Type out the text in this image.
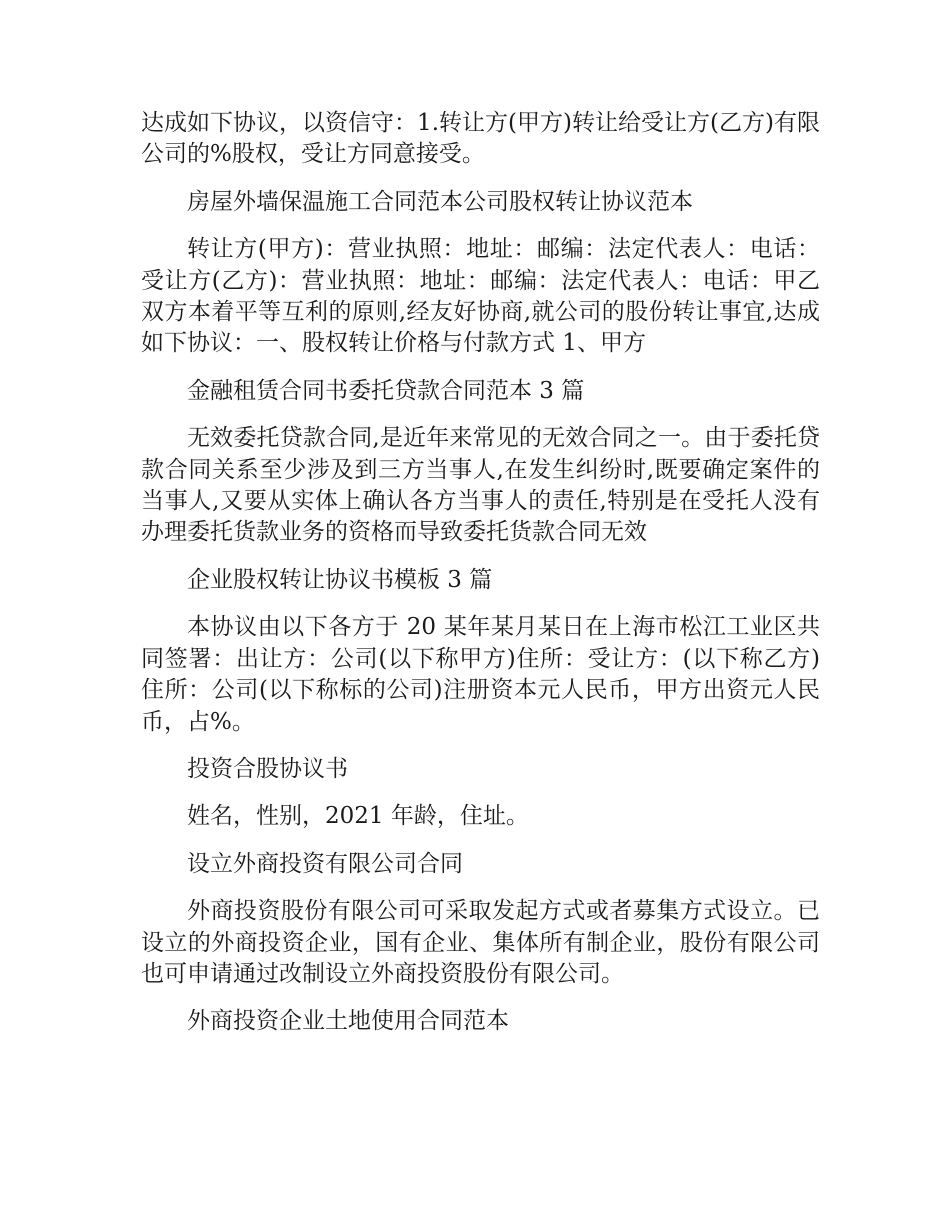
达成如下协议，以资信守：1.转让方(甲方)转让给受让方(乙方)有限公司的%股权，受让方同意接受。

房屋外墙保温施工合同范本公司股权转让协议范本

转让方(甲方)：营业执照：地址：邮编：法定代表人：电话：受让方(乙方)：营业执照：地址：邮编：法定代表人：电话：甲乙双方本着平等互利的原则,经友好协商,就公司的股份转让事宜,达成如下协议：一、股权转让价格与付款方式 1、甲方

金融租赁合同书委托贷款合同范本 3 篇

无效委托贷款合同,是近年来常见的无效合同之一。由于委托贷款合同关系至少涉及到三方当事人,在发生纠纷时,既要确定案件的当事人,又要从实体上确认各方当事人的责任,特别是在受托人没有办理委托货款业务的资格而导致委托货款合同无效

企业股权转让协议书模板 3 篇

本协议由以下各方于 20 某年某月某日在上海市松江工业区共同签署：出让方：公司(以下称甲方)住所：受让方：(以下称乙方)住所：公司(以下称标的公司)注册资本元人民币，甲方出资元人民币，占%。

投资合股协议书

姓名，性别，2021 年龄，住址。

设立外商投资有限公司合同

外商投资股份有限公司可采取发起方式或者募集方式设立。已设立的外商投资企业，国有企业、集体所有制企业，股份有限公司也可申请通过改制设立外商投资股份有限公司。

外商投资企业土地使用合同范本
